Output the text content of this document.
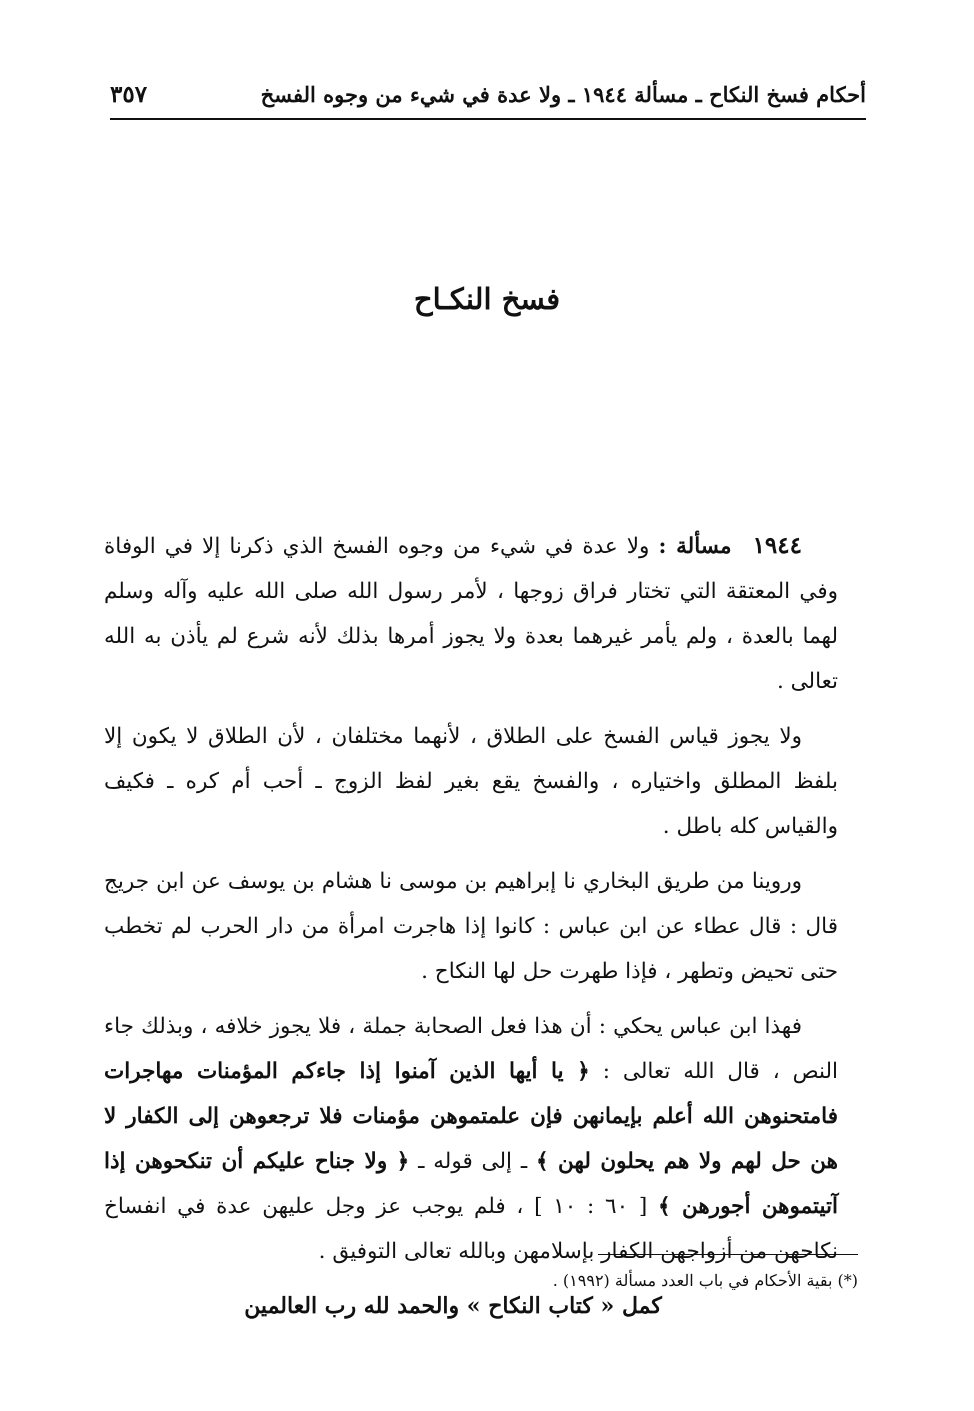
أحكام فسخ النكاح ـ مسألة ١٩٤٤ ـ ولا عدة في شيء من وجوه الفسخ
٣٥٧
فسخ النكـاح

١٩٤٤ مسألة : ولا عدة في شيء من وجوه الفسخ الذي ذكرنا إلا في الوفاة وفي المعتقة التي تختار فراق زوجها ، لأمر رسول الله صلى الله عليه وآله وسلم لهما بالعدة ، ولم يأمر غيرهما بعدة ولا يجوز أمرها بذلك لأنه شرع لم يأذن به الله تعالى .

ولا يجوز قياس الفسخ على الطلاق ، لأنهما مختلفان ، لأن الطلاق لا يكون إلا بلفظ المطلق واختياره ، والفسخ يقع بغير لفظ الزوج ـ أحب أم كره ـ فكيف والقياس كله باطل .

وروينا من طريق البخاري نا إبراهيم بن موسى نا هشام بن يوسف عن ابن جريج قال : قال عطاء عن ابن عباس : كانوا إذا هاجرت امرأة من دار الحرب لم تخطب حتى تحيض وتطهر ، فإذا طهرت حل لها النكاح .

فهذا ابن عباس يحكي : أن هذا فعل الصحابة جملة ، فلا يجوز خلافه ، وبذلك جاء النص ، قال الله تعالى : ﴿ يا أيها الذين آمنوا إذا جاءكم المؤمنات مهاجرات فامتحنوهن الله أعلم بإيمانهن فإن علمتموهن مؤمنات فلا ترجعوهن إلى الكفار لا هن حل لهم ولا هم يحلون لهن ﴾ ـ إلى قوله ـ ﴿ ولا جناح عليكم أن تنكحوهن إذا آتيتموهن أجورهن ﴾ [ ٦٠ : ١٠ ] ، فلم يوجب عز وجل عليهن عدة في انفساخ نكاحهن من أزواجهن الكفار بإسلامهن وبالله تعالى التوفيق .

كمل « كتاب النكاح » والحمد لله رب العالمين

(*) بقية الأحكام في باب العدد مسألة (١٩٩٢) .
